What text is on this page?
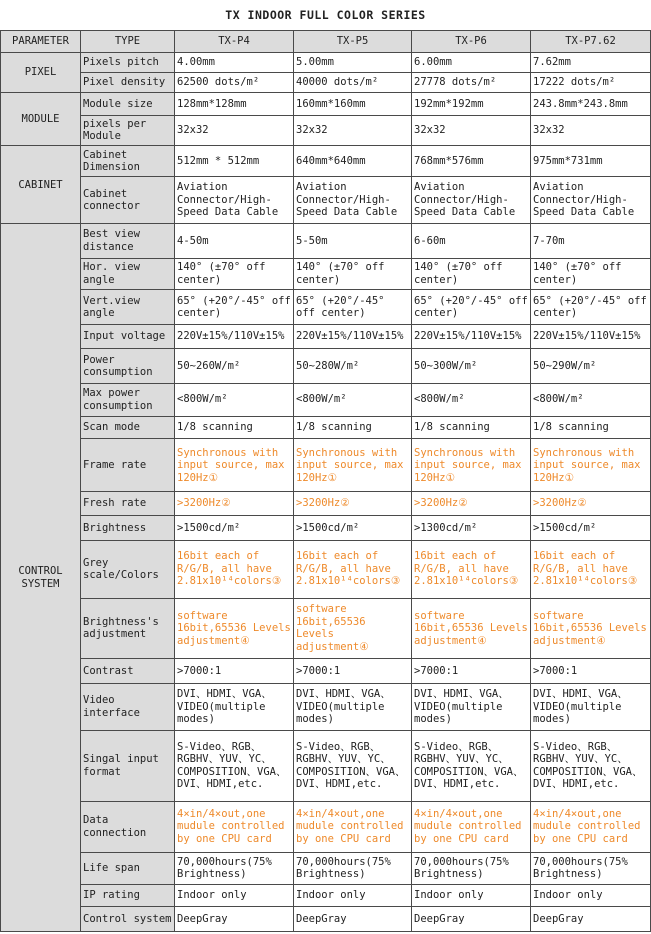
TX INDOOR FULL COLOR SERIES
PARAMETER	TYPE	TX-P4	TX-P5	TX-P6	TX-P7.62
PIXEL	Pixels pitch	4.00mm	5.00mm	6.00mm	7.62mm
	Pixel density	62500 dots/m²	40000 dots/m²	27778 dots/m²	17222 dots/m²
MODULE	Module size	128mm*128mm	160mm*160mm	192mm*192mm	243.8mm*243.8mm
	pixels per Module	32x32	32x32	32x32	32x32
CABINET	Cabinet Dimension	512mm * 512mm	640mm*640mm	768mm*576mm	975mm*731mm
	Cabinet connector	Aviation Connector/High-Speed Data Cable	Aviation Connector/High-Speed Data Cable	Aviation Connector/High-Speed Data Cable	Aviation Connector/High-Speed Data Cable
CONTROL SYSTEM	Best view distance	4-50m	5-50m	6-60m	7-70m
	Hor. view angle	140° (±70° off center)	140° (±70° off center)	140° (±70° off center)	140° (±70° off center)
	Vert.view angle	65° (+20°/-45° off center)	65° (+20°/-45° off center)	65° (+20°/-45° off center)	65° (+20°/-45° off center)
	Input voltage	220V±15%/110V±15%	220V±15%/110V±15%	220V±15%/110V±15%	220V±15%/110V±15%
	Power consumption	50~260W/m²	50~280W/m²	50~300W/m²	50~290W/m²
	Max power consumption	<800W/m²	<800W/m²	<800W/m²	<800W/m²
	Scan mode	1/8 scanning	1/8 scanning	1/8 scanning	1/8 scanning
	Frame rate	Synchronous with input source, max 120Hz①	Synchronous with input source, max 120Hz①	Synchronous with input source, max 120Hz①	Synchronous with input source, max 120Hz①
	Fresh rate	>3200Hz②	>3200Hz②	>3200Hz②	>3200Hz②
	Brightness	>1500cd/m²	>1500cd/m²	>1300cd/m²	>1500cd/m²
	Grey scale/Colors	16bit each of R/G/B, all have 2.81x10¹⁴colors③	16bit each of R/G/B, all have 2.81x10¹⁴colors③	16bit each of R/G/B, all have 2.81x10¹⁴colors③	16bit each of R/G/B, all have 2.81x10¹⁴colors③
	Brightness's adjustment	software 16bit,65536 Levels adjustment④	software 16bit,65536 Levels adjustment④	software 16bit,65536 Levels adjustment④	software 16bit,65536 Levels adjustment④
	Contrast	>7000:1	>7000:1	>7000:1	>7000:1
	Video interface	DVI、HDMI、VGA、VIDEO(multiple modes)	DVI、HDMI、VGA、VIDEO(multiple modes)	DVI、HDMI、VGA、VIDEO(multiple modes)	DVI、HDMI、VGA、VIDEO(multiple modes)
	Singal input format	S-Video、RGB、RGBHV、YUV、YC、COMPOSITION、VGA、DVI、HDMI,etc.	S-Video、RGB、RGBHV、YUV、YC、COMPOSITION、VGA、DVI、HDMI,etc.	S-Video、RGB、RGBHV、YUV、YC、COMPOSITION、VGA、DVI、HDMI,etc.	S-Video、RGB、RGBHV、YUV、YC、COMPOSITION、VGA、DVI、HDMI,etc.
	Data connection	4×in/4×out,one mudule controlled by one CPU card	4×in/4×out,one mudule controlled by one CPU card	4×in/4×out,one mudule controlled by one CPU card	4×in/4×out,one mudule controlled by one CPU card
	Life span	70,000hours(75% Brightness)	70,000hours(75% Brightness)	70,000hours(75% Brightness)	70,000hours(75% Brightness)
	IP rating	Indoor only	Indoor only	Indoor only	Indoor only
	Control system	DeepGray	DeepGray	DeepGray	DeepGray
